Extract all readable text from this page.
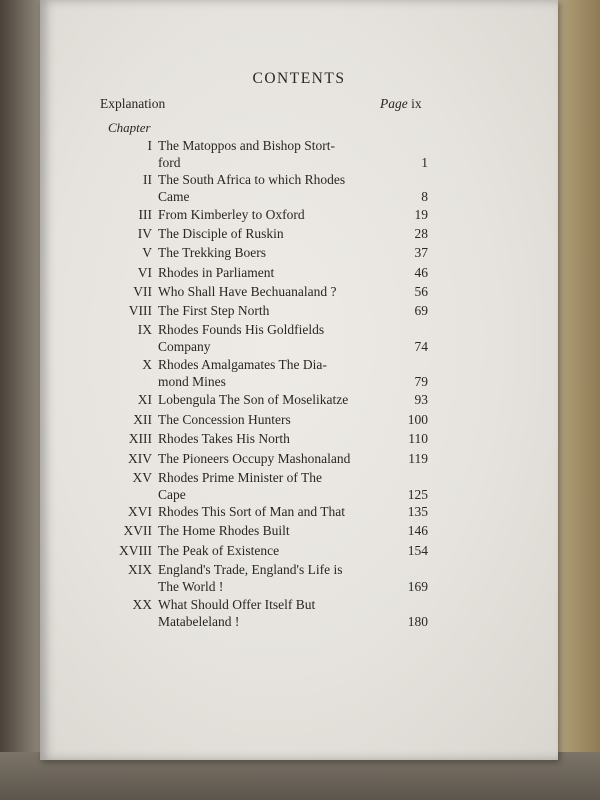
CONTENTS
Explanation	Page ix
Chapter
I The Matoppos and Bishop Stort-
ford	1
II The South Africa to which Rhodes
Came	8
III From Kimberley to Oxford	19
IV The Disciple of Ruskin	28
V The Trekking Boers	37
VI Rhodes in Parliament	46
VII Who Shall Have Bechuanaland ?	56
VIII The First Step North	69
IX Rhodes Founds His Goldfields
Company	74
X Rhodes Amalgamates The Dia-
mond Mines	79
XI Lobengula The Son of Moselikatze	93
XII The Concession Hunters	100
XIII Rhodes Takes His North	110
XIV The Pioneers Occupy Mashonaland	119
XV Rhodes Prime Minister of The
Cape	125
XVI Rhodes This Sort of Man and That	135
XVII The Home Rhodes Built	146
XVIII The Peak of Existence	154
XIX England's Trade, England's Life is
The World !	169
XX What Should Offer Itself But
Matabeleland !	180
